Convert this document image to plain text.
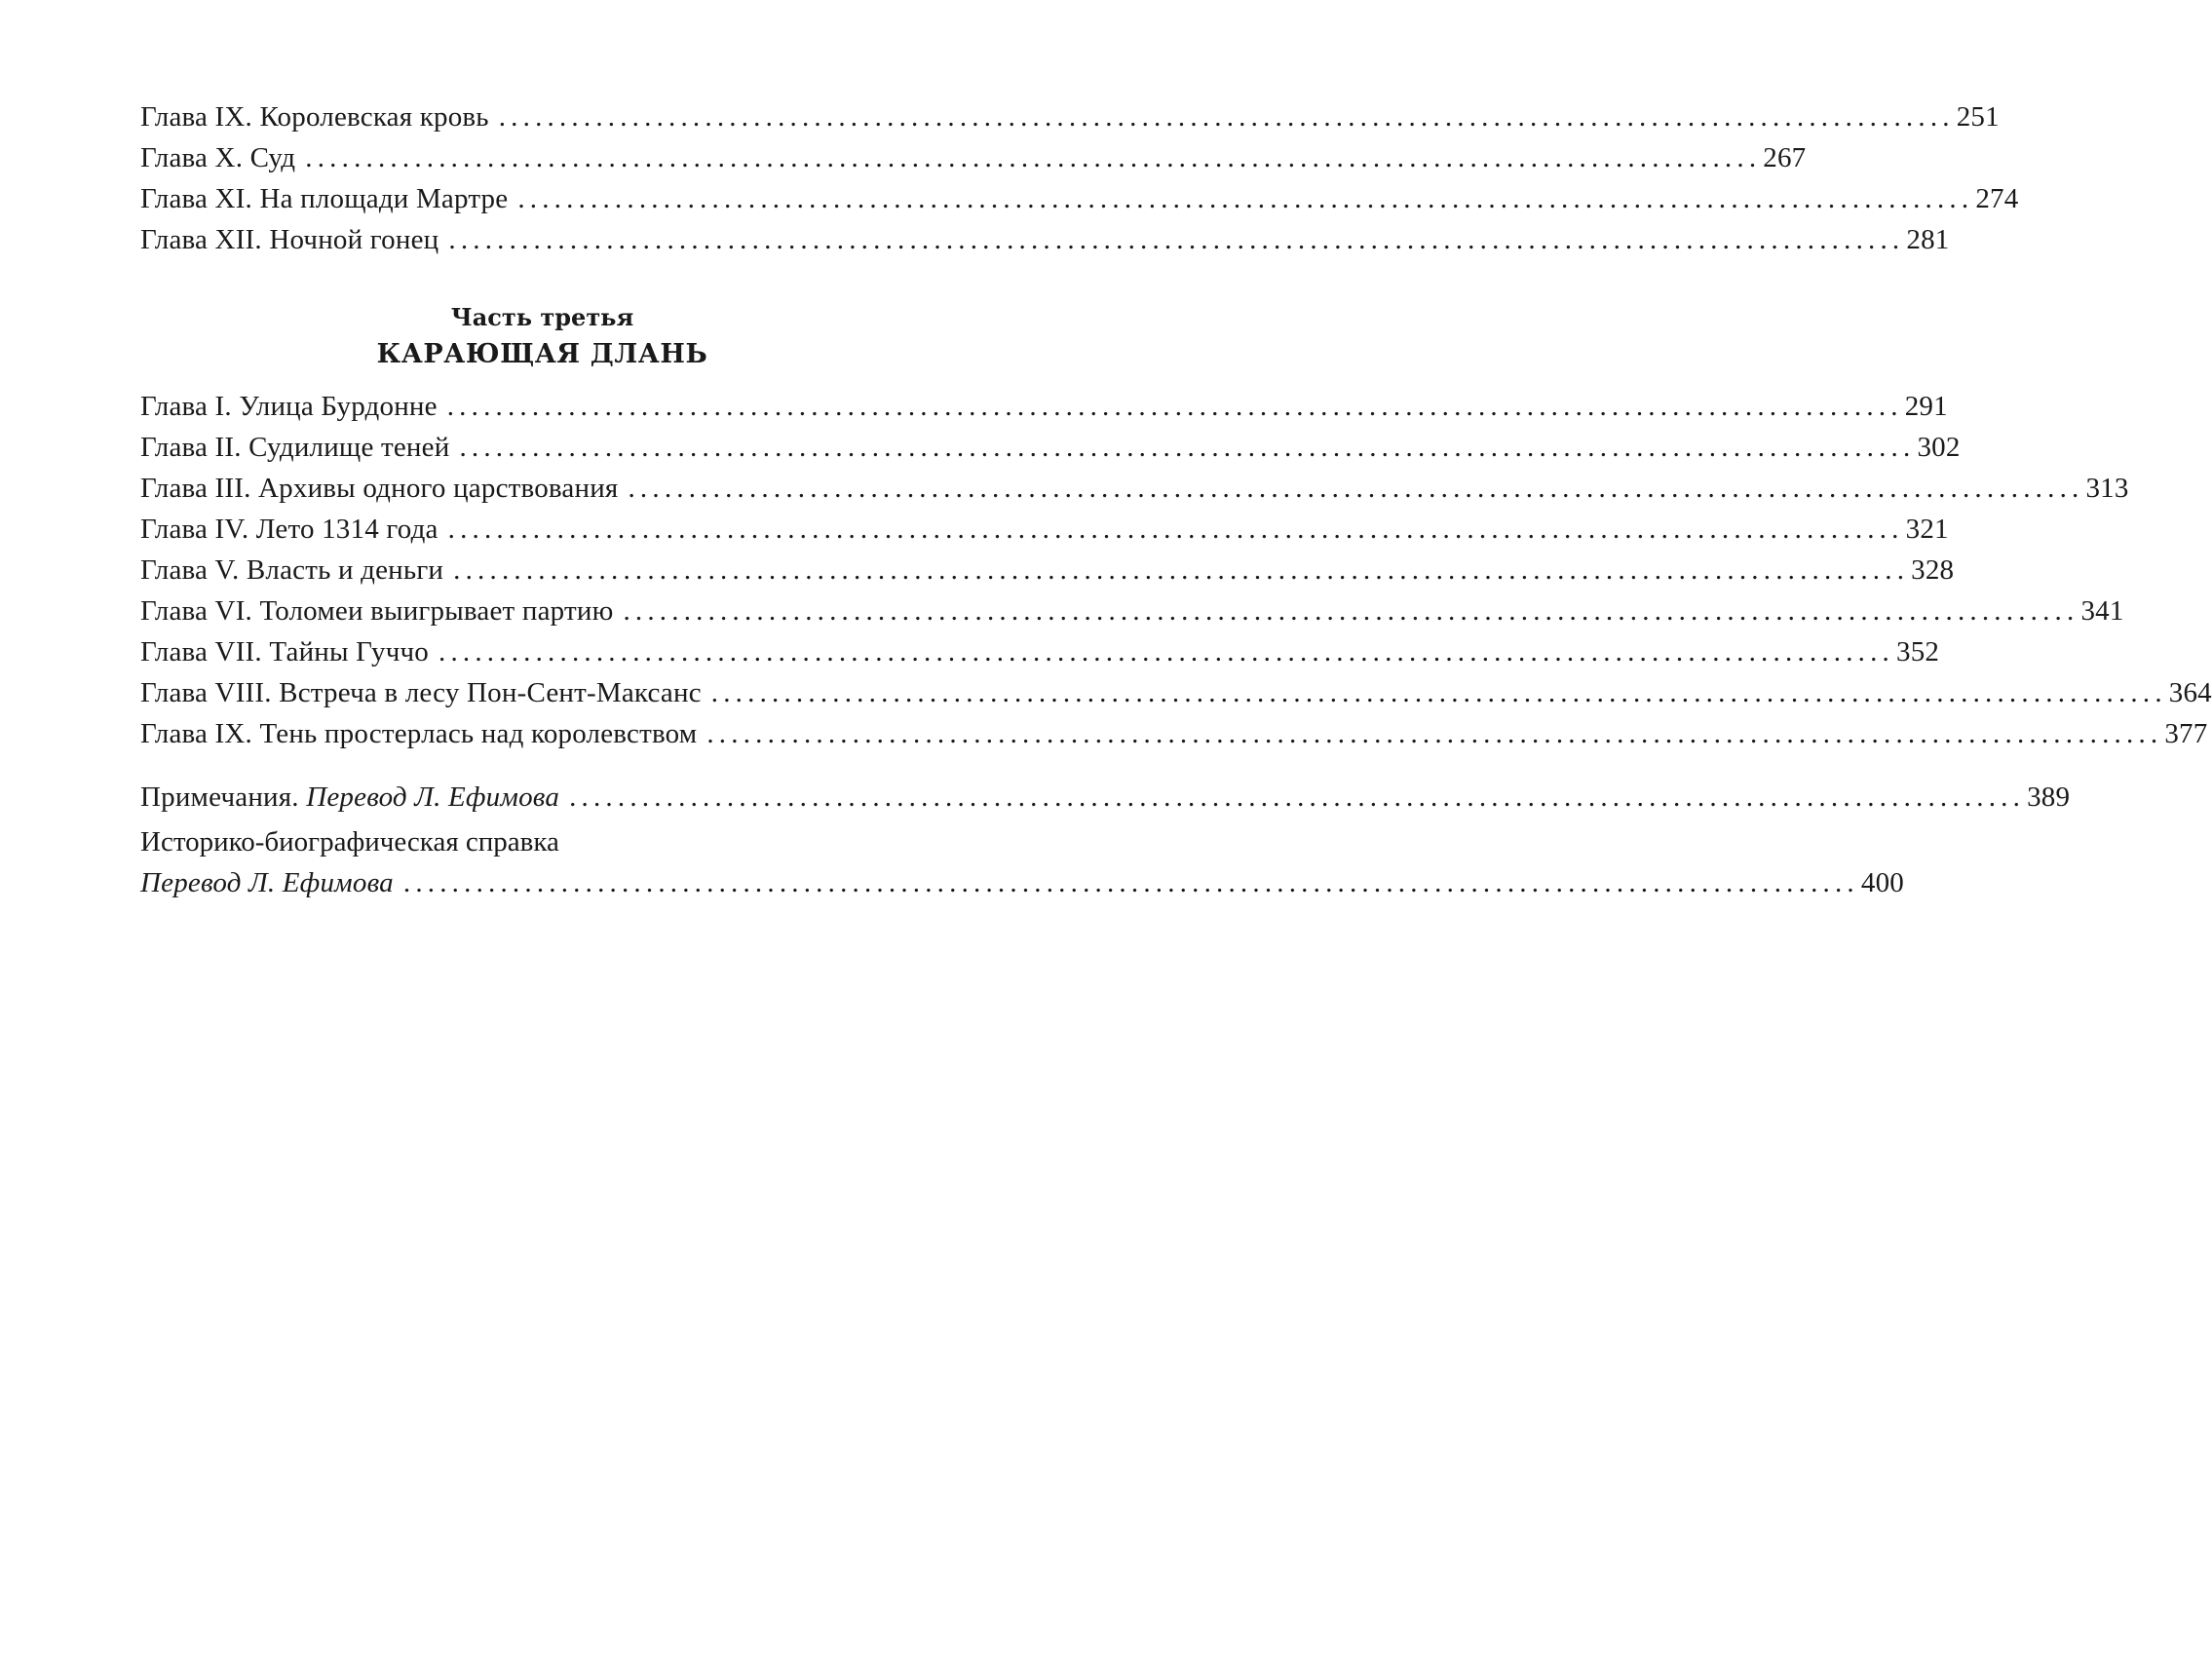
Глава IX. Королевская кровь ........................................................................................................................ 251
Глава X. Суд ........................................................................................................................ 267
Глава XI. На площади Мартре ........................................................................................................................ 274
Глава XII. Ночной гонец ........................................................................................................................ 281
Часть третья
КАРАЮЩАЯ ДЛАНЬ
Глава I. Улица Бурдонне ........................................................................................................................ 291
Глава II. Судилище теней ........................................................................................................................ 302
Глава III. Архивы одного царствования ........................................................................................................................ 313
Глава IV. Лето 1314 года ........................................................................................................................ 321
Глава V. Власть и деньги ........................................................................................................................ 328
Глава VI. Толомеи выигрывает партию ........................................................................................................................ 341
Глава VII. Тайны Гуччо ........................................................................................................................ 352
Глава VIII. Встреча в лесу Пон-Сент-Максанс ........................................................................................................................ 364
Глава IX. Тень простерлась над королевством ........................................................................................................................ 377
Примечания. Перевод Л. Ефимова ........................................................................................................................ 389
Историко-биографическая справка
Перевод Л. Ефимова ........................................................................................................................ 400
